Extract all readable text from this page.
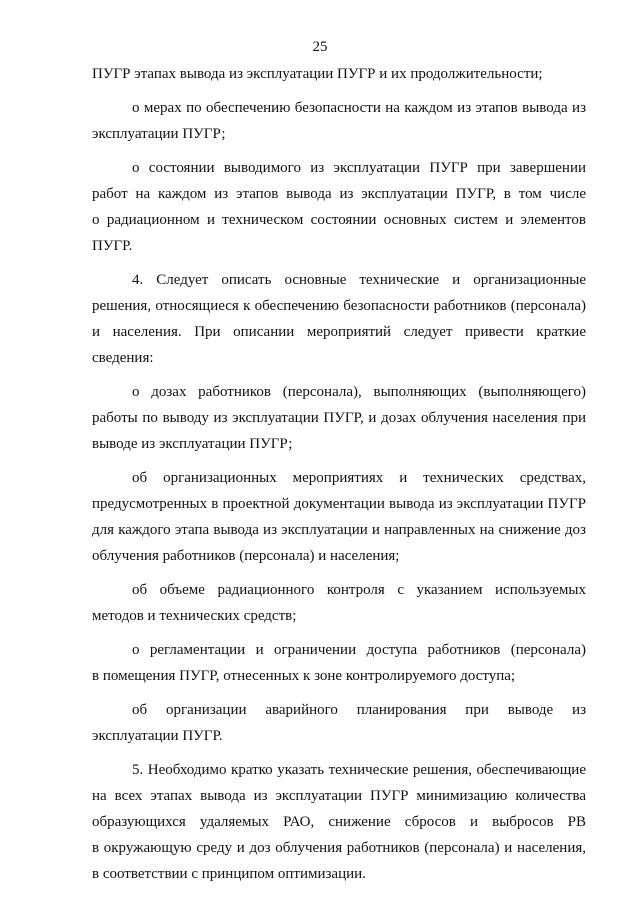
25
ПУГР этапах вывода из эксплуатации ПУГР и их продолжительности;
о мерах по обеспечению безопасности на каждом из этапов вывода из
эксплуатации ПУГР;
о состоянии выводимого из эксплуатации ПУГР при завершении
работ на каждом из этапов вывода из эксплуатации ПУГР, в том числе
о радиационном и техническом состоянии основных систем и элементов
ПУГР.
4. Следует описать основные технические и организационные
решения, относящиеся к обеспечению безопасности работников (персонала)
и населения. При описании мероприятий следует привести краткие
сведения:
о дозах работников (персонала), выполняющих (выполняющего)
работы по выводу из эксплуатации ПУГР, и дозах облучения населения при
выводе из эксплуатации ПУГР;
об организационных мероприятиях и технических средствах,
предусмотренных в проектной документации вывода из эксплуатации ПУГР
для каждого этапа вывода из эксплуатации и направленных на снижение доз
облучения работников (персонала) и населения;
об объеме радиационного контроля с указанием используемых
методов и технических средств;
о регламентации и ограничении доступа работников (персонала)
в помещения ПУГР, отнесенных к зоне контролируемого доступа;
об организации аварийного планирования при выводе из
эксплуатации ПУГР.
5. Необходимо кратко указать технические решения, обеспечивающие
на всех этапах вывода из эксплуатации ПУГР минимизацию количества
образующихся удаляемых РАО, снижение сбросов и выбросов РВ
в окружающую среду и доз облучения работников (персонала) и населения,
в соответствии с принципом оптимизации.
